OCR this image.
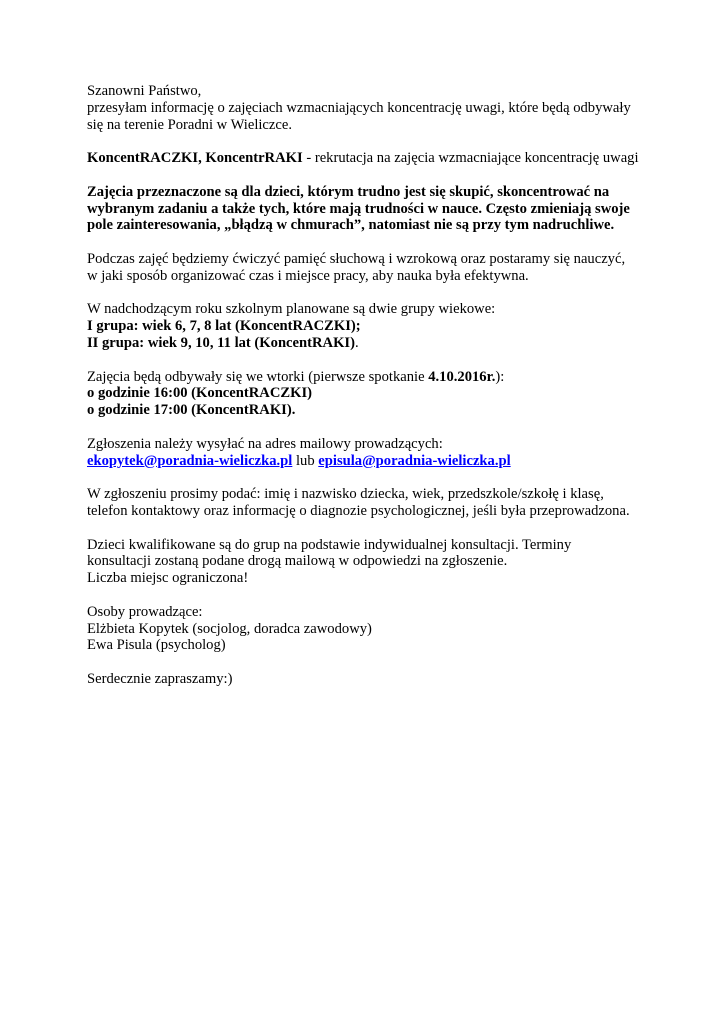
Szanowni Państwo,
przesyłam informację o zajęciach wzmacniających koncentrację uwagi, które będą odbywały
się na terenie Poradni w Wieliczce.

KoncentRACZKI, KoncentrRAKI - rekrutacja na zajęcia wzmacniające koncentrację uwagi

Zajęcia przeznaczone są dla dzieci, którym trudno jest się skupić, skoncentrować na
wybranym zadaniu a także tych, które mają trudności w nauce. Często zmieniają swoje
pole zainteresowania, „błądzą w chmurach”, natomiast nie są przy tym nadruchliwe.

Podczas zajęć będziemy ćwiczyć pamięć słuchową i wzrokową oraz postaramy się nauczyć,
w jaki sposób organizować czas i miejsce pracy, aby nauka była efektywna.

W nadchodzącym roku szkolnym planowane są dwie grupy wiekowe:
I grupa: wiek 6, 7, 8 lat (KoncentRACZKI);
II grupa: wiek 9, 10, 11 lat (KoncentRAKI).

Zajęcia będą odbywały się we wtorki (pierwsze spotkanie 4.10.2016r.):
o godzinie 16:00 (KoncentRACZKI)
o godzinie 17:00 (KoncentRAKI).

Zgłoszenia należy wysyłać na adres mailowy prowadzących:
ekopytek@poradnia-wieliczka.pl lub episula@poradnia-wieliczka.pl

W zgłoszeniu prosimy podać: imię i nazwisko dziecka, wiek, przedszkole/szkołę i klasę,
telefon kontaktowy oraz informację o diagnozie psychologicznej, jeśli była przeprowadzona.

Dzieci kwalifikowane są do grup na podstawie indywidualnej konsultacji. Terminy
konsultacji zostaną podane drogą mailową w odpowiedzi na zgłoszenie.
Liczba miejsc ograniczona!

Osoby prowadzące:
Elżbieta Kopytek (socjolog, doradca zawodowy)
Ewa Pisula (psycholog)

Serdecznie zapraszamy:)
